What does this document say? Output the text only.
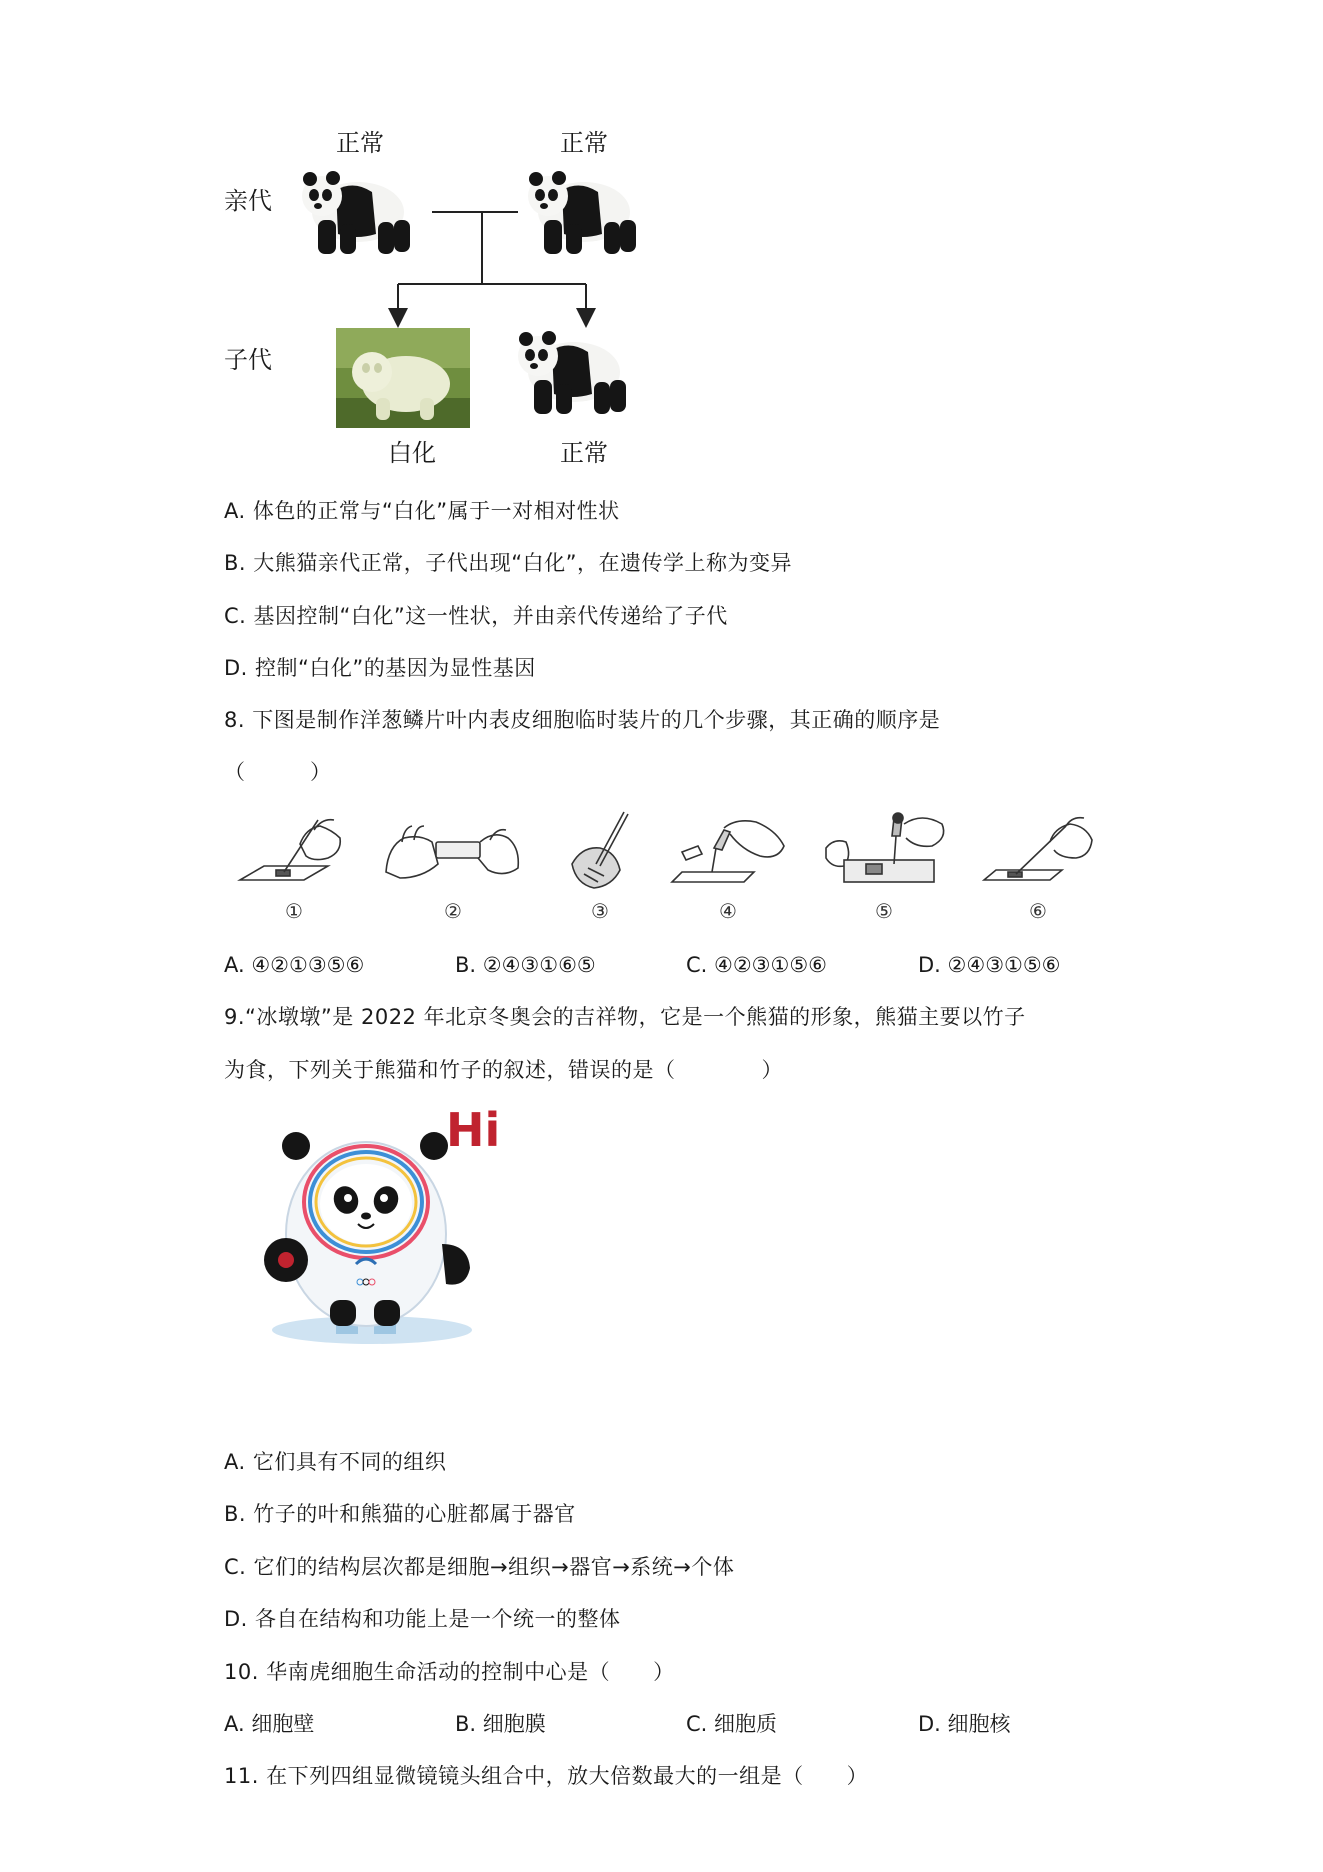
正常	正常
亲代
子代
白化	正常
A. 体色的正常与“白化”属于一对相对性状
B. 大熊猫亲代正常，子代出现“白化”，在遗传学上称为变异
C. 基因控制“白化”这一性状，并由亲代传递给了子代
D. 控制“白化”的基因为显性基因
8. 下图是制作洋葱鳞片叶内表皮细胞临时装片的几个步骤，其正确的顺序是
（　　　）
①	②	③	④	⑤	⑥
A. ④②①③⑤⑥	B. ②④③①⑥⑤	C. ④②③①⑤⑥	D. ②④③①⑤⑥
9.“冰墩墩”是 2022 年北京冬奥会的吉祥物，它是一个熊猫的形象，熊猫主要以竹子
为食，下列关于熊猫和竹子的叙述，错误的是（　　　　）
Hi
A. 它们具有不同的组织
B. 竹子的叶和熊猫的心脏都属于器官
C. 它们的结构层次都是细胞→组织→器官→系统→个体
D. 各自在结构和功能上是一个统一的整体
10. 华南虎细胞生命活动的控制中心是（　　）
A. 细胞壁	B. 细胞膜	C. 细胞质	D. 细胞核
11. 在下列四组显微镜镜头组合中，放大倍数最大的一组是（　　）
